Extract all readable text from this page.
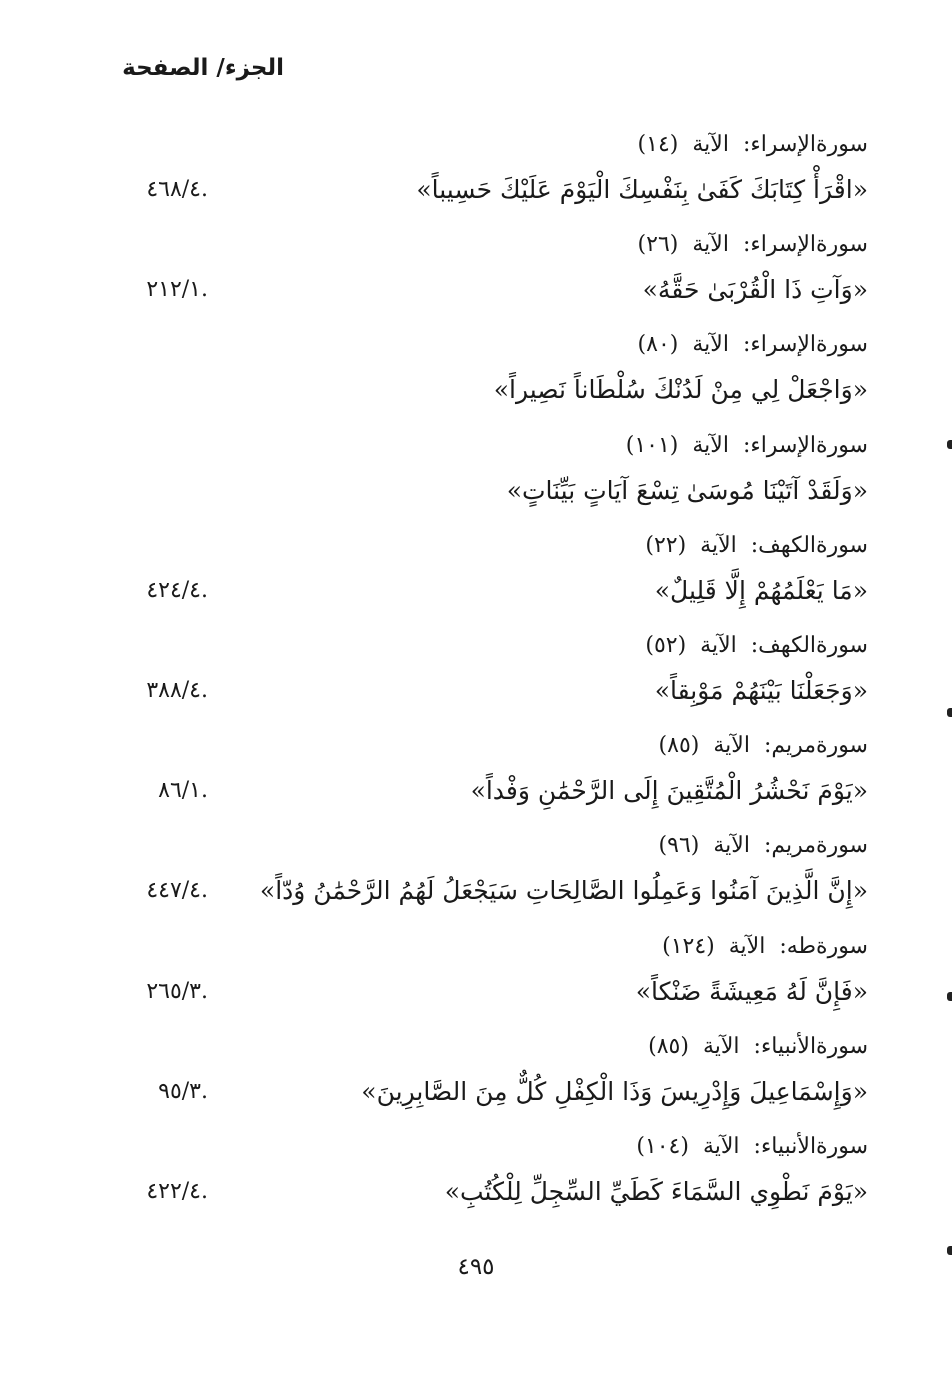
الجزء/ الصفحة
سورةالإسراء:  الآية  (١٤)
«اقْرَأْ كِتَابَكَ كَفَىٰ بِنَفْسِكَ الْيَوْمَ عَلَيْكَ حَسِيباً»
.٤٦٨/٤
سورةالإسراء:  الآية  (٢٦)
«وَآتِ ذَا الْقُرْبَىٰ حَقَّهُ»
.٢١٢/١
سورةالإسراء:  الآية  (٨٠)
«وَاجْعَلْ لِي مِنْ لَدُنْكَ سُلْطَاناً نَصِيراً»
سورةالإسراء:  الآية  (١٠١)
«وَلَقَدْ آتَيْنَا مُوسَىٰ تِسْعَ آيَاتٍ بَيِّنَاتٍ»
سورةالكهف:  الآية  (٢٢)
«مَا يَعْلَمُهُمْ إِلَّا قَلِيلٌ»
.٤٢٤/٤
سورةالكهف:  الآية  (٥٢)
«وَجَعَلْنَا بَيْنَهُمْ مَوْبِقاً»
.٣٨٨/٤
سورةمريم:  الآية  (٨٥)
«يَوْمَ نَحْشُرُ الْمُتَّقِينَ إِلَى الرَّحْمَٰنِ وَفْداً»
.٨٦/١
سورةمريم:  الآية  (٩٦)
«إِنَّ الَّذِينَ آمَنُوا وَعَمِلُوا الصَّالِحَاتِ سَيَجْعَلُ لَهُمُ الرَّحْمَٰنُ وُدّاً»
.٤٤٧/٤
سورةطه:  الآية  (١٢٤)
«فَإِنَّ لَهُ مَعِيشَةً ضَنْكاً»
.٢٦٥/٣
سورةالأنبياء:  الآية  (٨٥)
«وَإِسْمَاعِيلَ وَإِدْرِيسَ وَذَا الْكِفْلِ كُلٌّ مِنَ الصَّابِرِينَ»
.٩٥/٣
سورةالأنبياء:  الآية  (١٠٤)
«يَوْمَ نَطْوِي السَّمَاءَ كَطَيِّ السِّجِلِّ لِلْكُتُبِ»
.٤٢٢/٤
٤٩٥
